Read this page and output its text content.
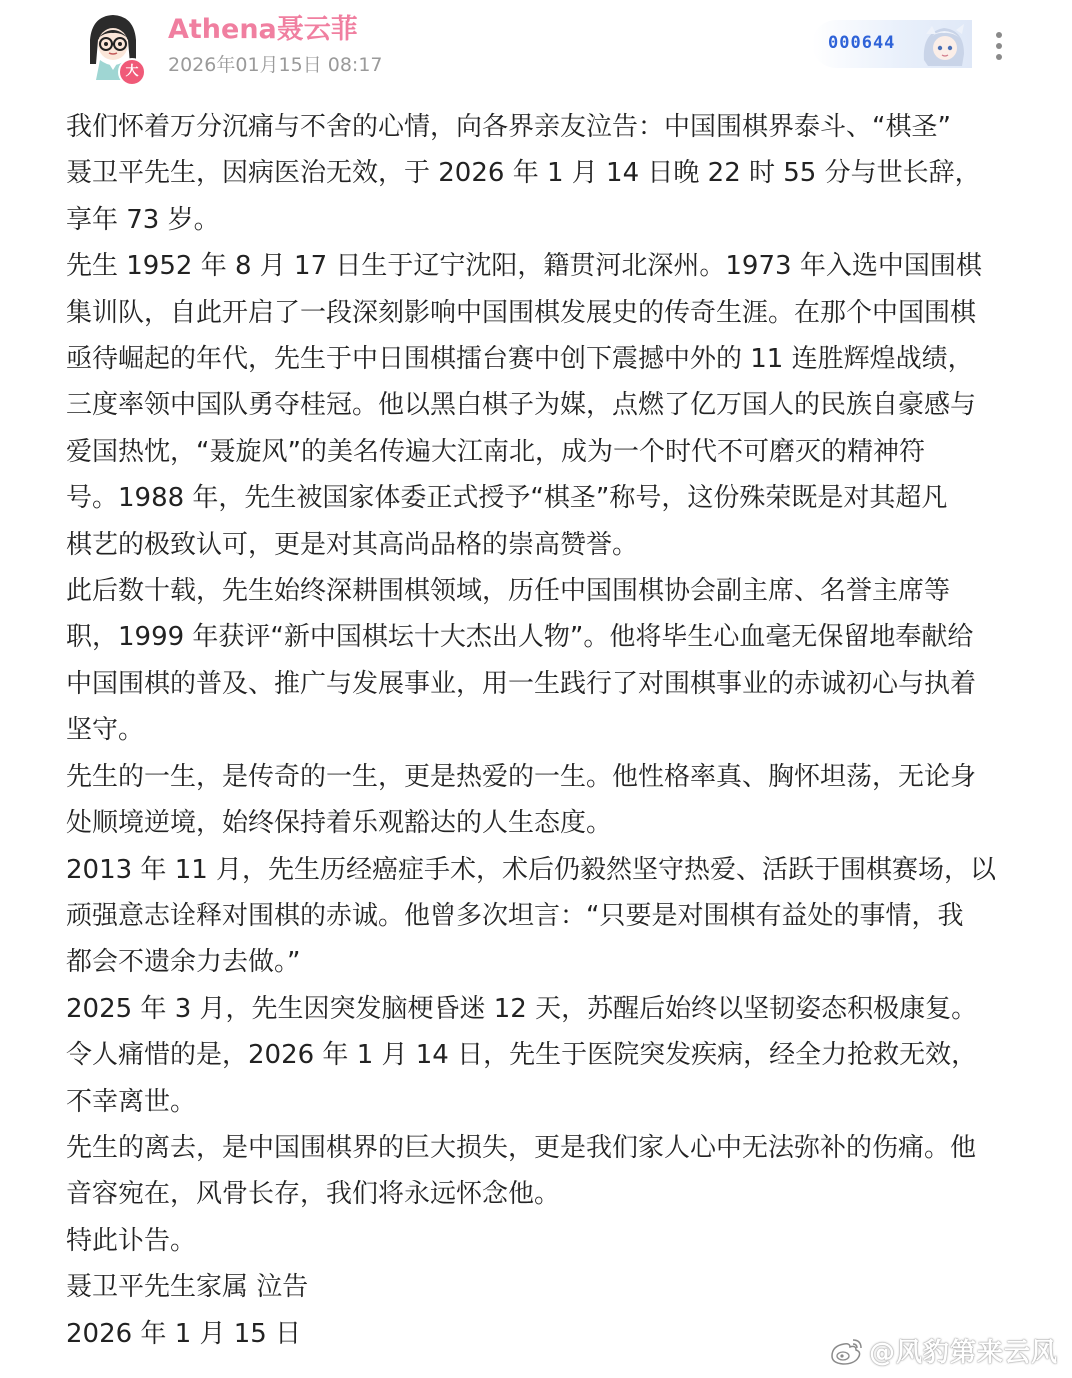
大
Athena聂云菲
2026年01月15日 08:17
000644

我们怀着万分沉痛与不舍的心情，向各界亲友泣告：中国围棋界泰斗、“棋圣”

聂卫平先生，因病医治无效，于 2026 年 1 月 14 日晚 22 时 55 分与世长辞，

享年 73 岁。

先生 1952 年 8 月 17 日生于辽宁沈阳，籍贯河北深州。1973 年入选中国围棋

集训队，自此开启了一段深刻影响中国围棋发展史的传奇生涯。在那个中国围棋

亟待崛起的年代，先生于中日围棋擂台赛中创下震撼中外的 11 连胜辉煌战绩，

三度率领中国队勇夺桂冠。他以黑白棋子为媒，点燃了亿万国人的民族自豪感与

爱国热忱，“聂旋风”的美名传遍大江南北，成为一个时代不可磨灭的精神符

号。1988 年，先生被国家体委正式授予“棋圣”称号，这份殊荣既是对其超凡

棋艺的极致认可，更是对其高尚品格的崇高赞誉。

此后数十载，先生始终深耕围棋领域，历任中国围棋协会副主席、名誉主席等

职，1999 年获评“新中国棋坛十大杰出人物”。他将毕生心血毫无保留地奉献给

中国围棋的普及、推广与发展事业，用一生践行了对围棋事业的赤诚初心与执着

坚守。

先生的一生，是传奇的一生，更是热爱的一生。他性格率真、胸怀坦荡，无论身

处顺境逆境，始终保持着乐观豁达的人生态度。

2013 年 11 月，先生历经癌症手术，术后仍毅然坚守热爱、活跃于围棋赛场，以

顽强意志诠释对围棋的赤诚。他曾多次坦言：“只要是对围棋有益处的事情，我

都会不遗余力去做。”

2025 年 3 月，先生因突发脑梗昏迷 12 天，苏醒后始终以坚韧姿态积极康复。

令人痛惜的是，2026 年 1 月 14 日，先生于医院突发疾病，经全力抢救无效，

不幸离世。

先生的离去，是中国围棋界的巨大损失，更是我们家人心中无法弥补的伤痛。他

音容宛在，风骨长存，我们将永远怀念他。

特此讣告。

聂卫平先生家属 泣告

2026 年 1 月 15 日

@风豹第来云风
